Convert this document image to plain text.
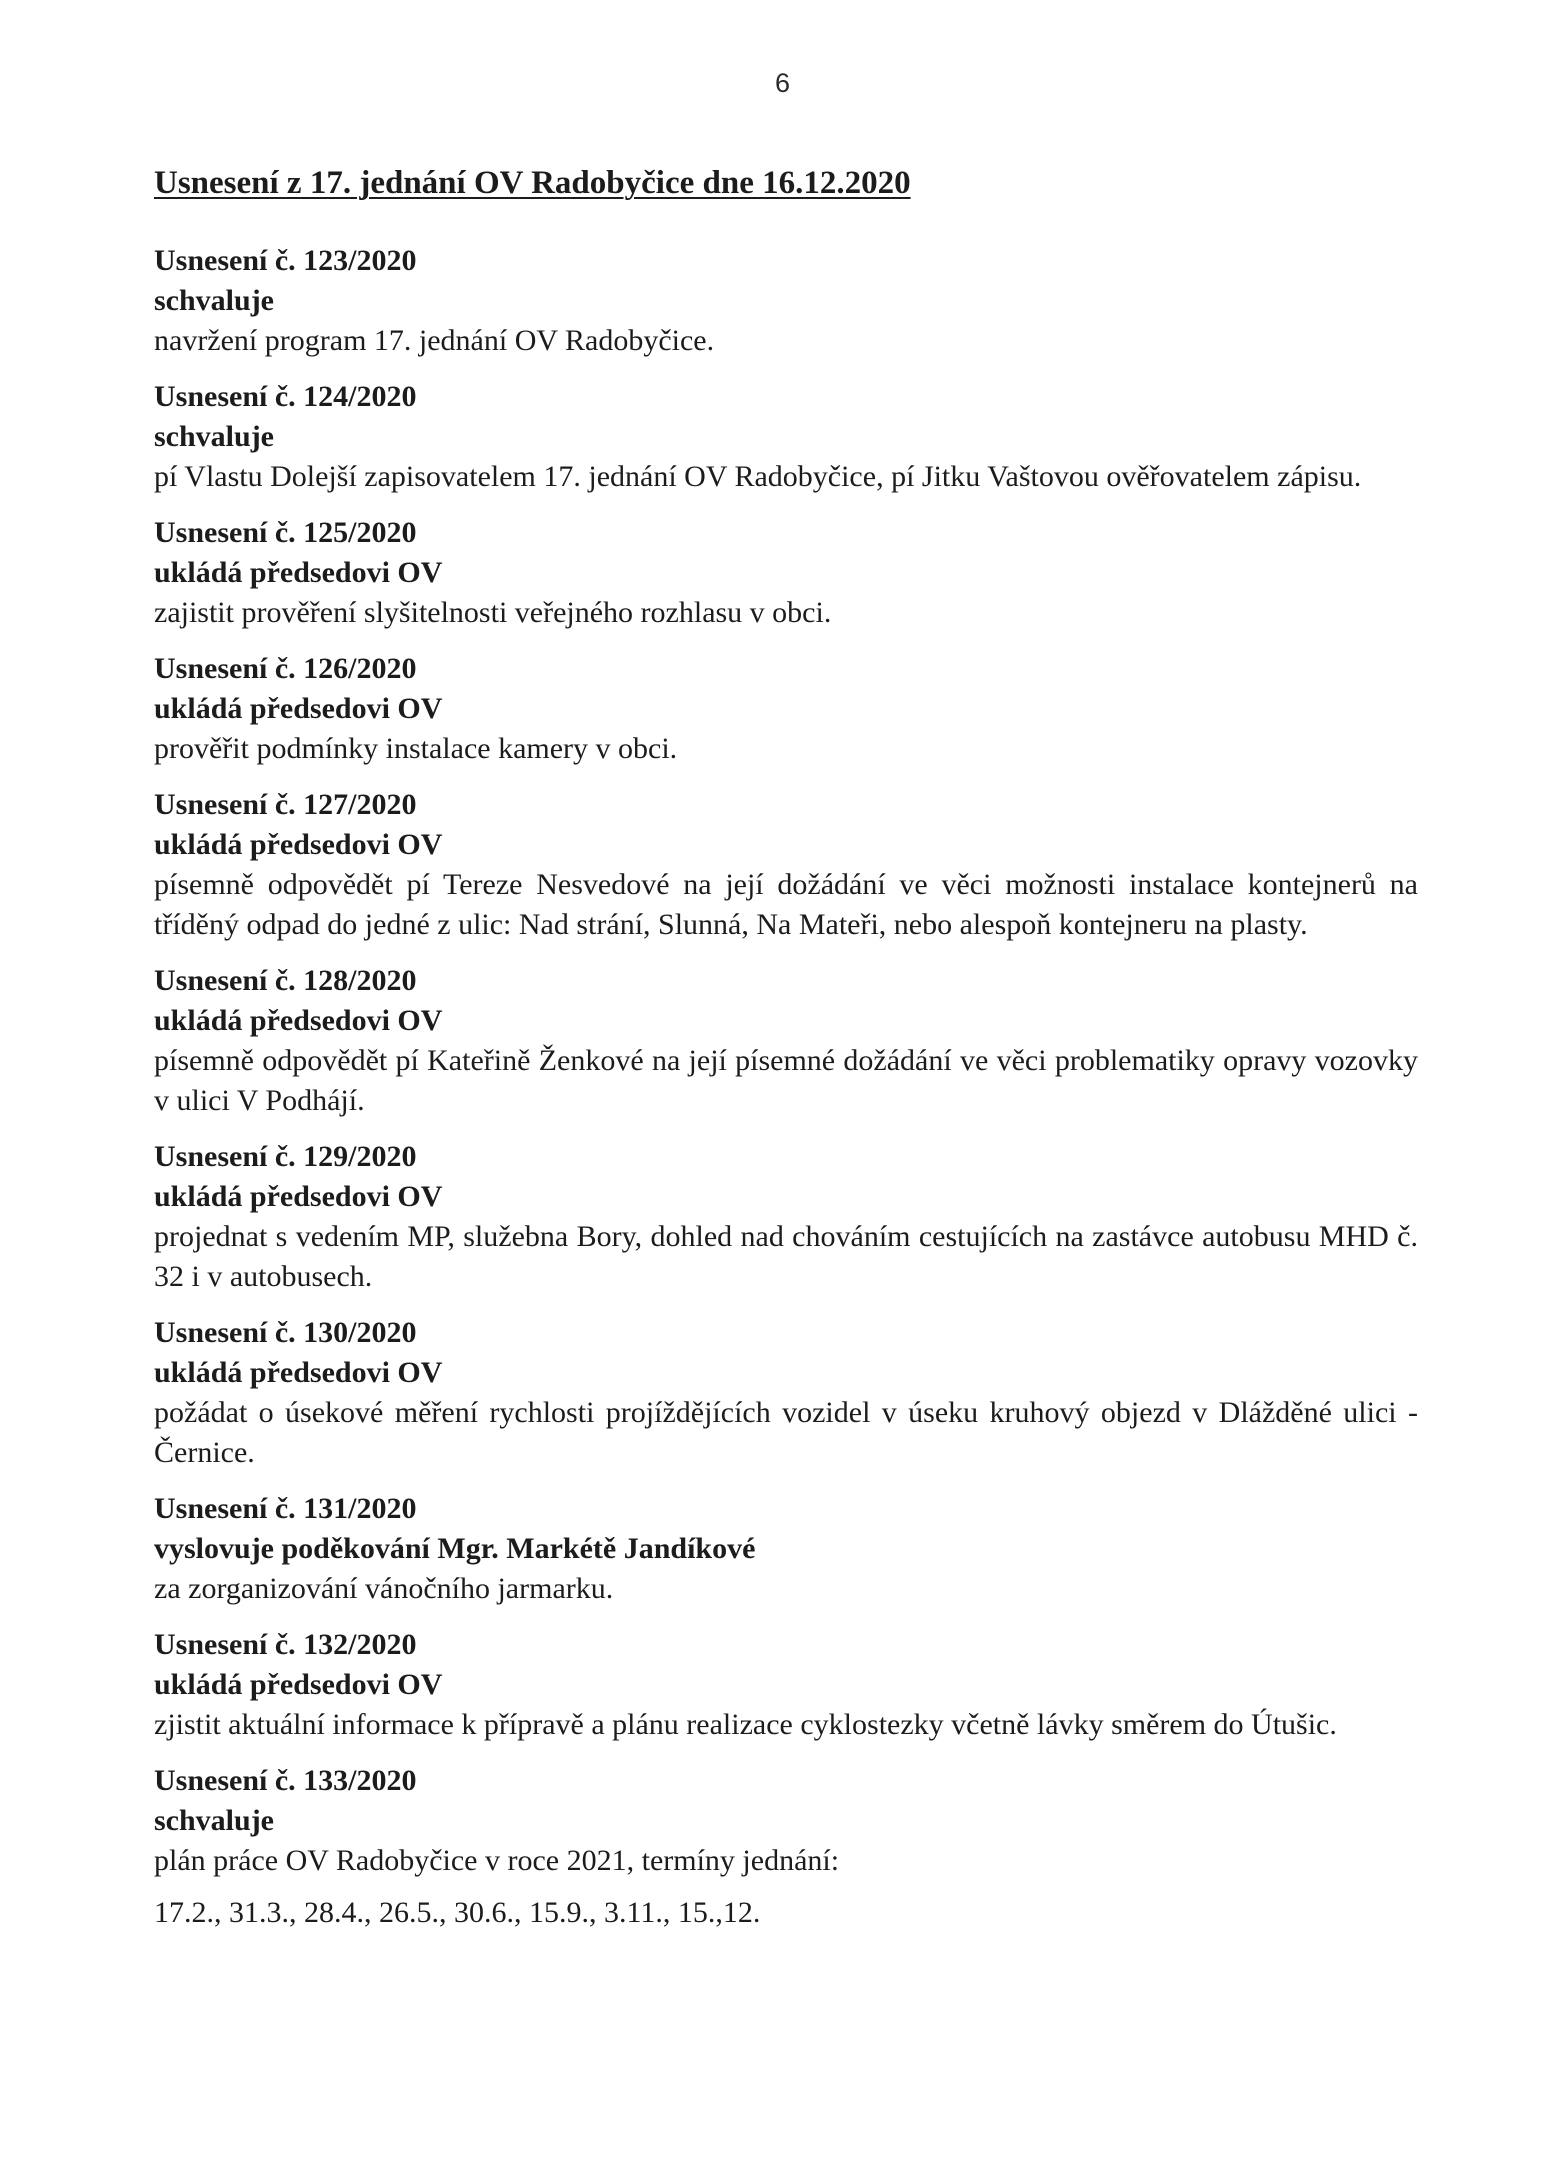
6
Usnesení z 17. jednání OV Radobyčice dne 16.12.2020
Usnesení č. 123/2020
schvaluje
navržení program 17. jednání OV Radobyčice.
Usnesení č. 124/2020
schvaluje
pí Vlastu Dolejší zapisovatelem 17. jednání OV Radobyčice, pí Jitku Vaštovou ověřovatelem zápisu.
Usnesení č. 125/2020
ukládá předsedovi OV
zajistit prověření slyšitelnosti veřejného rozhlasu v obci.
Usnesení č. 126/2020
ukládá předsedovi OV
prověřit podmínky instalace kamery v obci.
Usnesení č. 127/2020
ukládá předsedovi OV
písemně odpovědět pí Tereze Nesvedové na její dožádání ve věci možnosti instalace kontejnerů na tříděný odpad do jedné z ulic: Nad strání, Slunná, Na Mateři, nebo alespoň kontejneru na plasty.
Usnesení č. 128/2020
ukládá předsedovi OV
písemně odpovědět pí Kateřině Ženkové na její písemné dožádání ve věci problematiky opravy vozovky v ulici V Podhájí.
Usnesení č. 129/2020
ukládá předsedovi OV
projednat s vedením MP, služebna Bory, dohled nad chováním cestujících na zastávce autobusu MHD č. 32 i v autobusech.
Usnesení č. 130/2020
ukládá předsedovi OV
požádat o úsekové měření rychlosti projíždějících vozidel v úseku kruhový objezd v Dlážděné ulici - Černice.
Usnesení č. 131/2020
vyslovuje poděkování Mgr. Markétě Jandíkové
za zorganizování vánočního jarmarku.
Usnesení č. 132/2020
ukládá předsedovi OV
zjistit aktuální informace k přípravě a plánu realizace cyklostezky včetně lávky směrem do Útušic.
Usnesení č. 133/2020
schvaluje
plán práce OV Radobyčice v roce 2021, termíny jednání:
17.2., 31.3., 28.4., 26.5., 30.6., 15.9., 3.11., 15.,12.
